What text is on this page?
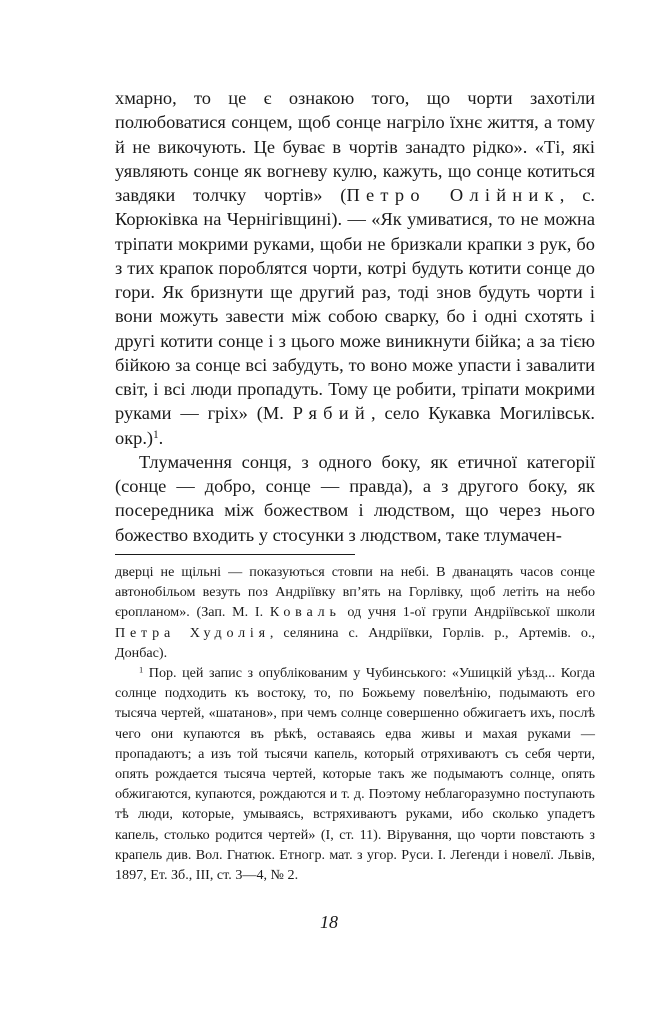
хмарно, то це є ознакою того, що чорти захотіли полюбоватися сонцем, щоб сонце нагріло їхнє життя, а тому й не викочують. Це буває в чортів занадто рідко». «Ті, які уявляють сонце як вогневу кулю, кажуть, що сонце котиться завдяки толчку чортів» (Петро Олійник, с. Корюківка на Чернігівщині). — «Як умиватися, то не можна тріпати мокрими руками, щоби не бризкали крапки з рук, бо з тих крапок пороблятся чорти, котрі будуть котити сонце до гори. Як бризнути ще другий раз, тоді знов будуть чорти і вони можуть завести між собою сварку, бо і одні схотять і другі котити сонце і з цього може виникнути бійка; а за тією бійкою за сонце всі забудуть, то воно може упасти і завалити світ, і всі люди пропадуть. Тому це робити, тріпати мокрими руками — гріх» (М. Рябий, село Кукавка Могилівськ. окр.)$^1$.

Тлумачення сонця, з одного боку, як етичної категорії (сонце — добро, сонце — правда), а з другого боку, як посередника між божеством і людством, що через нього божество входить у стосунки з людством, таке тлумачен-

дверці не щільні — показуються стовпи на небі. В дванацять часов сонце автонобільом везуть поз Андріївку вп’ять на Горлівку, щоб летіть на небо єропланом». (Зап. М. І. Коваль од учня 1-ої групи Андріївської школи Петра Худолія, селянина с. Андріївки, Горлів. р., Артемів. о., Донбас).

$^1$ Пор. цей запис з опублікованим у Чубинського: «Ушицкій уѣзд... Когда солнце подходить къ востоку, то, по Божьему повелѣнію, подымають его тысяча чертей, «шатанов», при чемъ солнце совершенно обжигаетъ ихъ, послѣ чего они купаются въ рѣкѣ, оставаясь едва живы и махая руками — пропадаютъ; а изъ той тысячи капель, который отряхиваютъ съ себя черти, опять рождается тысяча чертей, которые такъ же подымаютъ солнце, опять обжигаются, купаются, рождаются и т. д. Поэтому неблагоразумно поступають тѣ люди, которые, умываясь, встряхиваютъ руками, ибо сколько упадетъ капель, столько родится чертей» (І, ст. 11). Вірування, що чорти повстають з крапель див. Вол. Гнатюк. Етногр. мат. з угор. Руси. І. Леґенди і новелї. Львів, 1897, Ет. Зб., III, ст. 3—4, № 2.

18
